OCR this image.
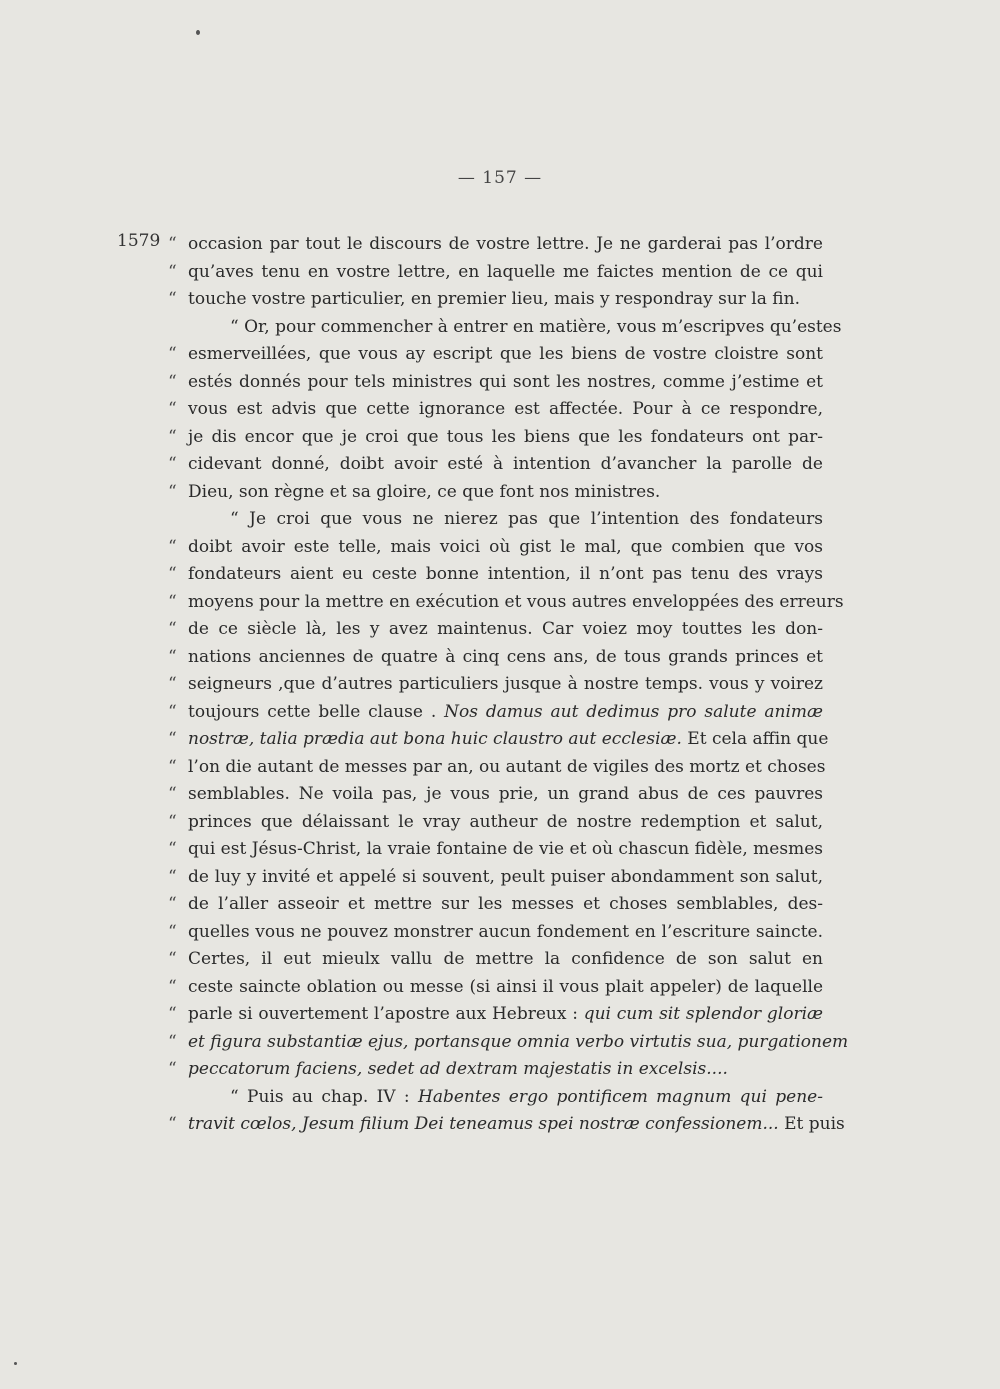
— 157 —
1579 “ occasion par tout le discours de vostre lettre. Je ne garderai pas l’ordre
“ qu’aves tenu en vostre lettre, en laquelle me faictes mention de ce qui
“ touche vostre particulier, en premier lieu, mais y respondray sur la fin.
“ Or, pour commencher à entrer en matière, vous m’escripves qu’estes
“ esmerveillées, que vous ay escript que les biens de vostre cloistre sont
“ estés donnés pour tels ministres qui sont les nostres, comme j’estime et
“ vous est advis que cette ignorance est affectée. Pour à ce respondre,
“ je dis encor que je croi que tous les biens que les fondateurs ont par-
“ cidevant donné, doibt avoir esté à intention d’avancher la parolle de
“ Dieu, son règne et sa gloire, ce que font nos ministres.
“ Je croi que vous ne nierez pas que l’intention des fondateurs
“ doibt avoir este telle, mais voici où gist le mal, que combien que vos
“ fondateurs aient eu ceste bonne intention, il n’ont pas tenu des vrays
“ moyens pour la mettre en exécution et vous autres enveloppées des erreurs
“ de ce siècle là, les y avez maintenus. Car voiez moy touttes les don-
“ nations anciennes de quatre à cinq cens ans, de tous grands princes et
“ seigneurs ,que d’autres particuliers jusque à nostre temps. vous y voirez
“ toujours cette belle clause . Nos damus aut dedimus pro salute animæ
“ nostræ, talia prædia aut bona huic claustro aut ecclesiæ. Et cela affin que
“ l’on die autant de messes par an, ou autant de vigiles des mortz et choses
“ semblables. Ne voila pas, je vous prie, un grand abus de ces pauvres
“ princes que délaissant le vray autheur de nostre redemption et salut,
“ qui est Jésus-Christ, la vraie fontaine de vie et où chascun fidèle, mesmes
“ de luy y invité et appelé si souvent, peult puiser abondamment son salut,
“ de l’aller asseoir et mettre sur les messes et choses semblables, des-
“ quelles vous ne pouvez monstrer aucun fondement en l’escriture saincte.
“ Certes, il eut mieulx vallu de mettre la confidence de son salut en
“ ceste saincte oblation ou messe (si ainsi il vous plait appeler) de laquelle
“ parle si ouvertement l’apostre aux Hebreux : qui cum sit splendor gloriæ
“ et figura substantiæ ejus, portansque omnia verbo virtutis sua, purgationem
“ peccatorum faciens, sedet ad dextram majestatis in excelsis....
“ Puis au chap. IV : Habentes ergo pontificem magnum qui pene-
“ travit cœlos, Jesum filium Dei teneamus spei nostræ confessionem... Et puis
